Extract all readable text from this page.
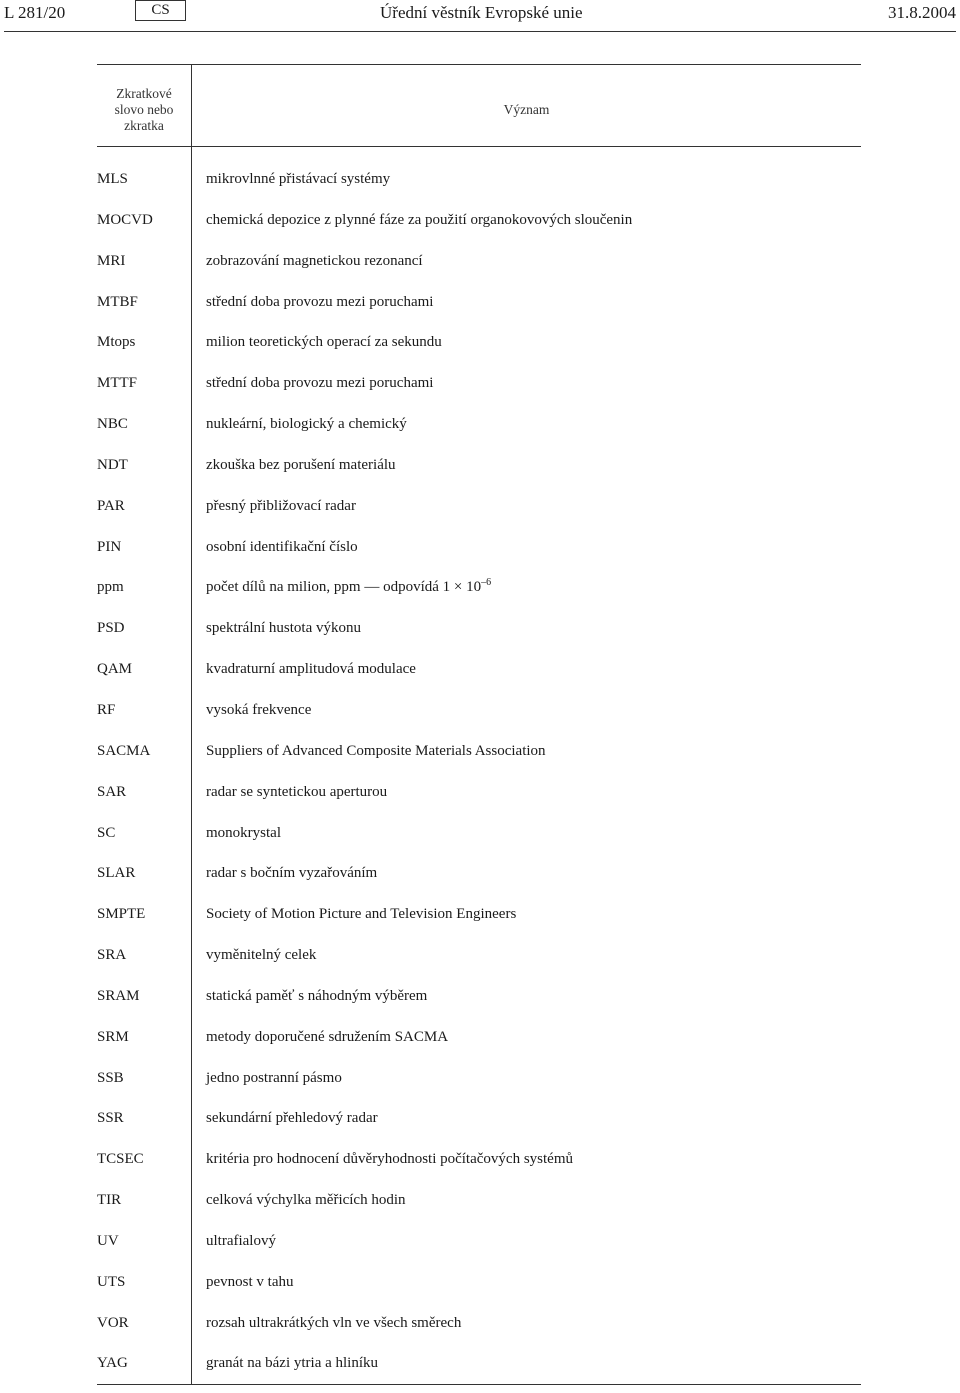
L 281/20	CS	Úřední věstník Evropské unie	31.8.2004
Zkratkové
slovo nebo
zkratka
Význam
MLS	mikrovlnné přistávací systémy
MOCVD	chemická depozice z plynné fáze za použití organokovových sloučenin
MRI	zobrazování magnetickou rezonancí
MTBF	střední doba provozu mezi poruchami
Mtops	milion teoretických operací za sekundu
MTTF	střední doba provozu mezi poruchami
NBC	nukleární, biologický a chemický
NDT	zkouška bez porušení materiálu
PAR	přesný přibližovací radar
PIN	osobní identifikační číslo
ppm	počet dílů na milion, ppm — odpovídá $1 \times 10^{-6}$
PSD	spektrální hustota výkonu
QAM	kvadraturní amplitudová modulace
RF	vysoká frekvence
SACMA	Suppliers of Advanced Composite Materials Association
SAR	radar se syntetickou aperturou
SC	monokrystal
SLAR	radar s bočním vyzařováním
SMPTE	Society of Motion Picture and Television Engineers
SRA	vyměnitelný celek
SRAM	statická paměť s náhodným výběrem
SRM	metody doporučené sdružením SACMA
SSB	jedno postranní pásmo
SSR	sekundární přehledový radar
TCSEC	kritéria pro hodnocení důvěryhodnosti počítačových systémů
TIR	celková výchylka měřicích hodin
UV	ultrafialový
UTS	pevnost v tahu
VOR	rozsah ultrakrátkých vln ve všech směrech
YAG	granát na bázi ytria a hliníku
